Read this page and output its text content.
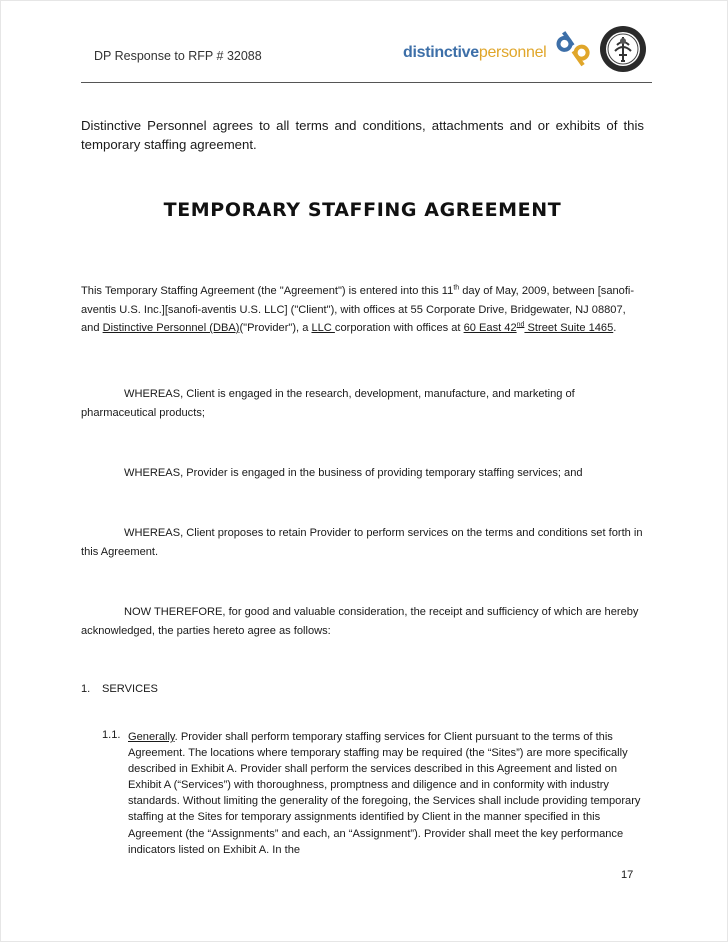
DP Response to RFP # 32088	distinctivepersonnel
Distinctive Personnel agrees to all terms and conditions, attachments and or exhibits of this temporary staffing agreement.
TEMPORARY STAFFING AGREEMENT
This Temporary Staffing Agreement (the "Agreement") is entered into this 11th day of May, 2009, between [sanofi-aventis U.S. Inc.][sanofi-aventis U.S. LLC] ("Client"), with offices at 55 Corporate Drive, Bridgewater, NJ 08807, and Distinctive Personnel (DBA)("Provider"), a LLC corporation with offices at 60 East 42nd Street Suite 1465.
WHEREAS, Client is engaged in the research, development, manufacture, and marketing of pharmaceutical products;
WHEREAS, Provider is engaged in the business of providing temporary staffing services; and
WHEREAS, Client proposes to retain Provider to perform services on the terms and conditions set forth in this Agreement.
NOW THEREFORE, for good and valuable consideration, the receipt and sufficiency of which are hereby acknowledged, the parties hereto agree as follows:
1. SERVICES
1.1. Generally. Provider shall perform temporary staffing services for Client pursuant to the terms of this Agreement. The locations where temporary staffing may be required (the “Sites”) are more specifically described in Exhibit A. Provider shall perform the services described in this Agreement and listed on Exhibit A (“Services”) with thoroughness, promptness and diligence and in conformity with industry standards. Without limiting the generality of the foregoing, the Services shall include providing temporary staffing at the Sites for temporary assignments identified by Client in the manner specified in this Agreement (the “Assignments” and each, an “Assignment”). Provider shall meet the key performance indicators listed on Exhibit A. In the
17
